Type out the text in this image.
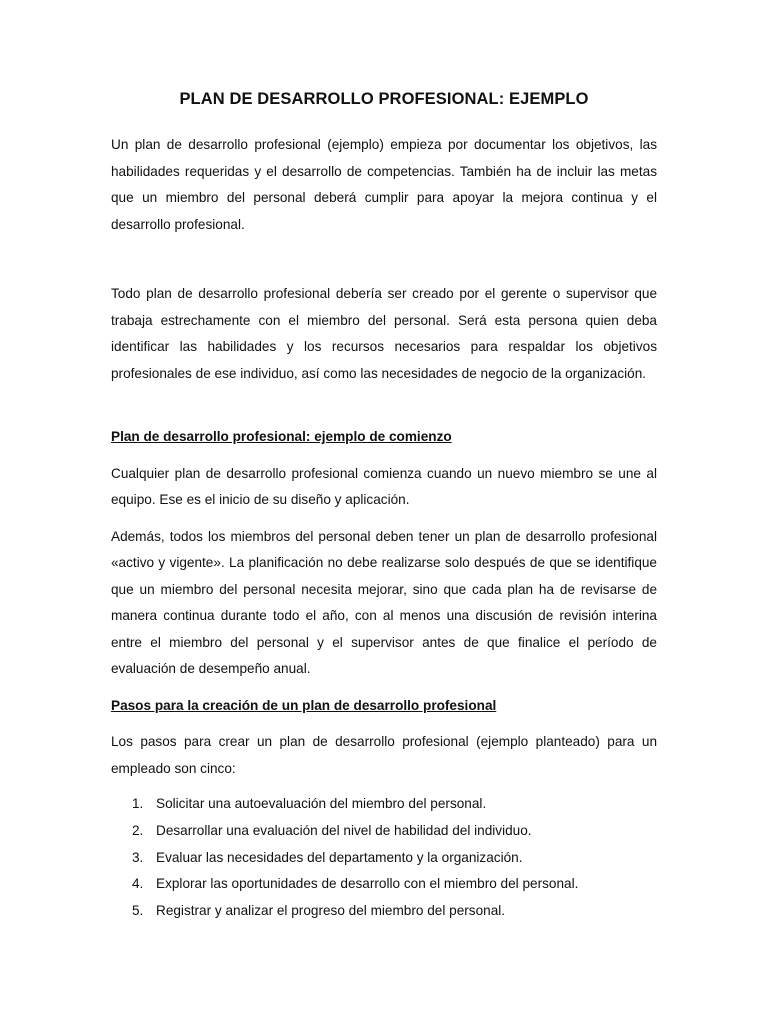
PLAN DE DESARROLLO PROFESIONAL: EJEMPLO

Un plan de desarrollo profesional (ejemplo) empieza por documentar los objetivos, las habilidades requeridas y el desarrollo de competencias. También ha de incluir las metas que un miembro del personal deberá cumplir para apoyar la mejora continua y el desarrollo profesional.

Todo plan de desarrollo profesional debería ser creado por el gerente o supervisor que trabaja estrechamente con el miembro del personal. Será esta persona quien deba identificar las habilidades y los recursos necesarios para respaldar los objetivos profesionales de ese individuo, así como las necesidades de negocio de la organización.

Plan de desarrollo profesional: ejemplo de comienzo

Cualquier plan de desarrollo profesional comienza cuando un nuevo miembro se une al equipo. Ese es el inicio de su diseño y aplicación.

Además, todos los miembros del personal deben tener un plan de desarrollo profesional «activo y vigente». La planificación no debe realizarse solo después de que se identifique que un miembro del personal necesita mejorar, sino que cada plan ha de revisarse de manera continua durante todo el año, con al menos una discusión de revisión interina entre el miembro del personal y el supervisor antes de que finalice el período de evaluación de desempeño anual.

Pasos para la creación de un plan de desarrollo profesional

Los pasos para crear un plan de desarrollo profesional (ejemplo planteado) para un empleado son cinco:

1. Solicitar una autoevaluación del miembro del personal.
2. Desarrollar una evaluación del nivel de habilidad del individuo.
3. Evaluar las necesidades del departamento y la organización.
4. Explorar las oportunidades de desarrollo con el miembro del personal.
5. Registrar y analizar el progreso del miembro del personal.
